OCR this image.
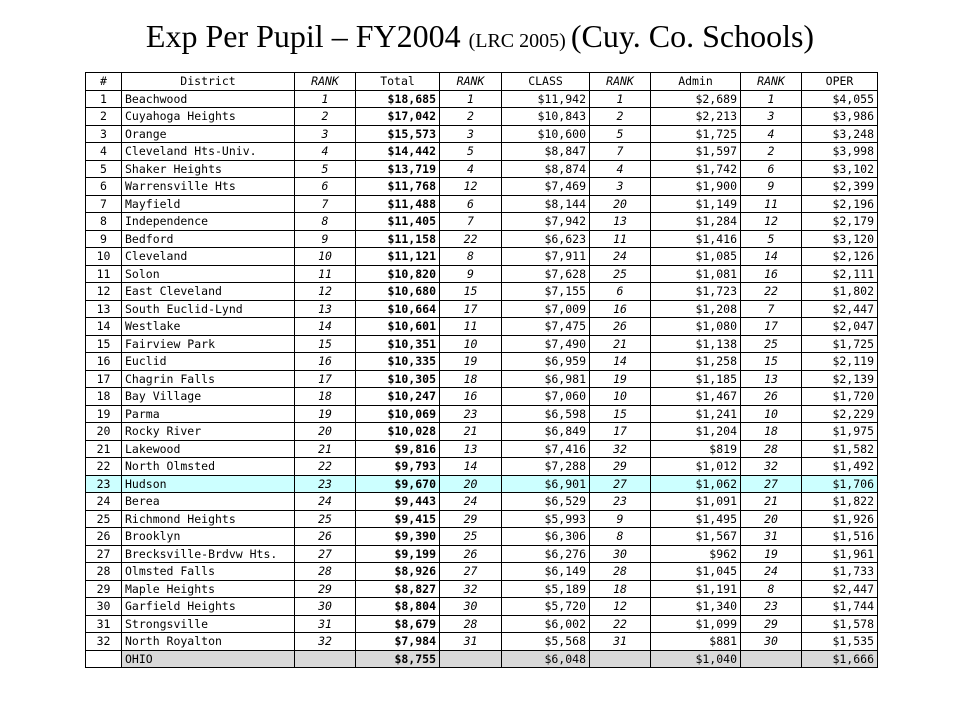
Exp Per Pupil – FY2004 (LRC 2005) (Cuy. Co. Schools)
#	District	RANK	Total	RANK	CLASS	RANK	Admin	RANK	OPER
1	Beachwood	1	$18,685	1	$11,942	1	$2,689	1	$4,055
2	Cuyahoga Heights	2	$17,042	2	$10,843	2	$2,213	3	$3,986
3	Orange	3	$15,573	3	$10,600	5	$1,725	4	$3,248
4	Cleveland Hts-Univ.	4	$14,442	5	$8,847	7	$1,597	2	$3,998
5	Shaker Heights	5	$13,719	4	$8,874	4	$1,742	6	$3,102
6	Warrensville Hts	6	$11,768	12	$7,469	3	$1,900	9	$2,399
7	Mayfield	7	$11,488	6	$8,144	20	$1,149	11	$2,196
8	Independence	8	$11,405	7	$7,942	13	$1,284	12	$2,179
9	Bedford	9	$11,158	22	$6,623	11	$1,416	5	$3,120
10	Cleveland	10	$11,121	8	$7,911	24	$1,085	14	$2,126
11	Solon	11	$10,820	9	$7,628	25	$1,081	16	$2,111
12	East Cleveland	12	$10,680	15	$7,155	6	$1,723	22	$1,802
13	South Euclid-Lynd	13	$10,664	17	$7,009	16	$1,208	7	$2,447
14	Westlake	14	$10,601	11	$7,475	26	$1,080	17	$2,047
15	Fairview Park	15	$10,351	10	$7,490	21	$1,138	25	$1,725
16	Euclid	16	$10,335	19	$6,959	14	$1,258	15	$2,119
17	Chagrin Falls	17	$10,305	18	$6,981	19	$1,185	13	$2,139
18	Bay Village	18	$10,247	16	$7,060	10	$1,467	26	$1,720
19	Parma	19	$10,069	23	$6,598	15	$1,241	10	$2,229
20	Rocky River	20	$10,028	21	$6,849	17	$1,204	18	$1,975
21	Lakewood	21	$9,816	13	$7,416	32	$819	28	$1,582
22	North Olmsted	22	$9,793	14	$7,288	29	$1,012	32	$1,492
23	Hudson	23	$9,670	20	$6,901	27	$1,062	27	$1,706
24	Berea	24	$9,443	24	$6,529	23	$1,091	21	$1,822
25	Richmond Heights	25	$9,415	29	$5,993	9	$1,495	20	$1,926
26	Brooklyn	26	$9,390	25	$6,306	8	$1,567	31	$1,516
27	Brecksville-Brdvw Hts.	27	$9,199	26	$6,276	30	$962	19	$1,961
28	Olmsted Falls	28	$8,926	27	$6,149	28	$1,045	24	$1,733
29	Maple Heights	29	$8,827	32	$5,189	18	$1,191	8	$2,447
30	Garfield Heights	30	$8,804	30	$5,720	12	$1,340	23	$1,744
31	Strongsville	31	$8,679	28	$6,002	22	$1,099	29	$1,578
32	North Royalton	32	$7,984	31	$5,568	31	$881	30	$1,535
	OHIO		$8,755		$6,048		$1,040		$1,666
